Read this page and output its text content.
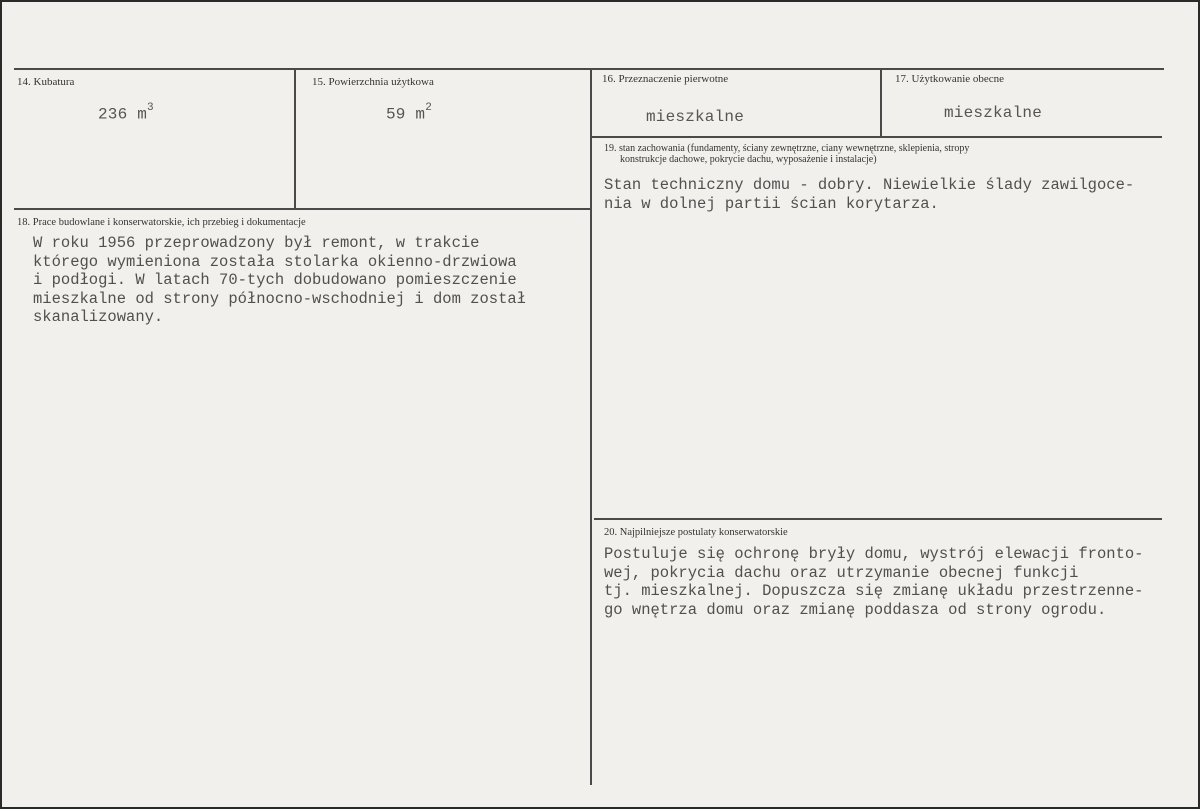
14. Kubatura
236 $m^3$
15. Powierzchnia użytkowa
59 $m^2$
16. Przeznaczenie pierwotne
mieszkalne
17. Użytkowanie obecne
mieszkalne
18. Prace budowlane i konserwatorskie, ich przebieg i dokumentacje
W roku 1956 przeprowadzony był remont, w trakcie
którego wymieniona została stolarka okienno-drzwiowa
i podłogi. W latach 70-tych dobudowano pomieszczenie
mieszkalne od strony północno-wschodniej i dom został
skanalizowany.
19. stan zachowania (fundamenty, ściany zewnętrzne, ciany wewnętrzne, sklepienia, stropy
konstrukcje dachowe, pokrycie dachu, wyposażenie i instalacje)
Stan techniczny domu - dobry. Niewielkie ślady zawilgoce-
nia w dolnej partii ścian korytarza.
20. Najpilniejsze postulaty konserwatorskie
Postuluje się ochronę bryły domu, wystrój elewacji fronto-
wej, pokrycia dachu oraz utrzymanie obecnej funkcji
tj. mieszkalnej. Dopuszcza się zmianę układu przestrzenne-
go wnętrza domu oraz zmianę poddasza od strony ogrodu.
